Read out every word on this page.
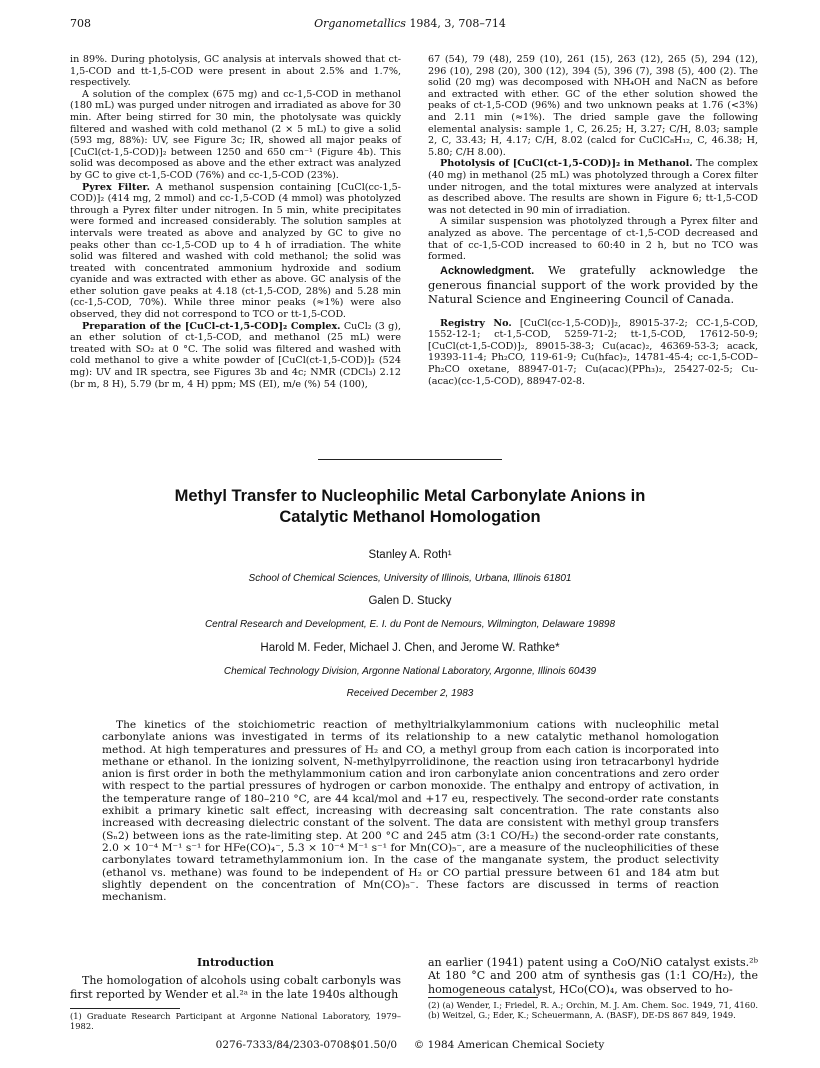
708	Organometallics 1984, 3, 708–714

in 89%. During photolysis, GC analysis at intervals showed that ct-1,5-COD and tt-1,5-COD were present in about 2.5% and 1.7%, respectively.

A solution of the complex (675 mg) and cc-1,5-COD in methanol (180 mL) was purged under nitrogen and irradiated as above for 30 min. After being stirred for 30 min, the photolysate was quickly filtered and washed with cold methanol (2 × 5 mL) to give a solid (593 mg, 88%): UV, see Figure 3c; IR, showed all major peaks of [CuCl(ct-1,5-COD)]₂ between 1250 and 650 cm⁻¹ (Figure 4b). This solid was decomposed as above and the ether extract was analyzed by GC to give ct-1,5-COD (76%) and cc-1,5-COD (23%).

Pyrex Filter. A methanol suspension containing [CuCl(cc-1,5-COD)]₂ (414 mg, 2 mmol) and cc-1,5-COD (4 mmol) was photolyzed through a Pyrex filter under nitrogen. In 5 min, white precipitates were formed and increased considerably. The solution samples at intervals were treated as above and analyzed by GC to give no peaks other than cc-1,5-COD up to 4 h of irradiation. The white solid was filtered and washed with cold methanol; the solid was treated with concentrated ammonium hydroxide and sodium cyanide and was extracted with ether as above. GC analysis of the ether solution gave peaks at 4.18 (ct-1,5-COD, 28%) and 5.28 min (cc-1,5-COD, 70%). While three minor peaks (≈1%) were also observed, they did not correspond to TCO or tt-1,5-COD.

Preparation of the [CuCl-ct-1,5-COD]₂ Complex. CuCl₂ (3 g), an ether solution of ct-1,5-COD, and methanol (25 mL) were treated with SO₂ at 0 °C. The solid was filtered and washed with cold methanol to give a white powder of [CuCl(ct-1,5-COD)]₂ (524 mg): UV and IR spectra, see Figures 3b and 4c; NMR (CDCl₃) 2.12 (br m, 8 H), 5.79 (br m, 4 H) ppm; MS (EI), m/e (%) 54 (100),

67 (54), 79 (48), 259 (10), 261 (15), 263 (12), 265 (5), 294 (12), 296 (10), 298 (20), 300 (12), 394 (5), 396 (7), 398 (5), 400 (2). The solid (20 mg) was decomposed with NH₄OH and NaCN as before and extracted with ether. GC of the ether solution showed the peaks of ct-1,5-COD (96%) and two unknown peaks at 1.76 (<3%) and 2.11 min (≈1%). The dried sample gave the following elemental analysis: sample 1, C, 26.25; H, 3.27; C/H, 8.03; sample 2, C, 33.43; H, 4.17; C/H, 8.02 (calcd for CuClC₈H₁₂, C, 46.38; H, 5.80; C/H 8.00).

Photolysis of [CuCl(ct-1,5-COD)]₂ in Methanol. The complex (40 mg) in methanol (25 mL) was photolyzed through a Corex filter under nitrogen, and the total mixtures were analyzed at intervals as described above. The results are shown in Figure 6; tt-1,5-COD was not detected in 90 min of irradiation.

A similar suspension was photolyzed through a Pyrex filter and analyzed as above. The percentage of ct-1,5-COD decreased and that of cc-1,5-COD increased to 60:40 in 2 h, but no TCO was formed.

Acknowledgment. We gratefully acknowledge the generous financial support of the work provided by the Natural Science and Engineering Council of Canada.

Registry No. [CuCl(cc-1,5-COD)]₂, 89015-37-2; CC-1,5-COD, 1552-12-1; ct-1,5-COD, 5259-71-2; tt-1,5-COD, 17612-50-9; [CuCl(ct-1,5-COD)]₂, 89015-38-3; Cu(acac)₂, 46369-53-3; acack, 19393-11-4; Ph₂CO, 119-61-9; Cu(hfac)₂, 14781-45-4; cc-1,5-COD–Ph₂CO oxetane, 88947-01-7; Cu(acac)(PPh₃)₂, 25427-02-5; Cu-(acac)(cc-1,5-COD), 88947-02-8.

Methyl Transfer to Nucleophilic Metal Carbonylate Anions in
Catalytic Methanol Homologation
Stanley A. Roth¹
School of Chemical Sciences, University of Illinois, Urbana, Illinois 61801
Galen D. Stucky
Central Research and Development, E. I. du Pont de Nemours, Wilmington, Delaware 19898
Harold M. Feder, Michael J. Chen, and Jerome W. Rathke*
Chemical Technology Division, Argonne National Laboratory, Argonne, Illinois 60439
Received December 2, 1983
The kinetics of the stoichiometric reaction of methyltrialkylammonium cations with nucleophilic metal carbonylate anions was investigated in terms of its relationship to a new catalytic methanol homologation method. At high temperatures and pressures of H₂ and CO, a methyl group from each cation is incorporated into methane or ethanol. In the ionizing solvent, N-methylpyrrolidinone, the reaction using iron tetracarbonyl hydride anion is first order in both the methylammonium cation and iron carbonylate anion concentrations and zero order with respect to the partial pressures of hydrogen or carbon monoxide. The enthalpy and entropy of activation, in the temperature range of 180–210 °C, are 44 kcal/mol and +17 eu, respectively. The second-order rate constants exhibit a primary kinetic salt effect, increasing with decreasing salt concentration. The rate constants also increased with decreasing dielectric constant of the solvent. The data are consistent with methyl group transfers (Sₙ2) between ions as the rate-limiting step. At 200 °C and 245 atm (3:1 CO/H₂) the second-order rate constants, 2.0 × 10⁻⁴ M⁻¹ s⁻¹ for HFe(CO)₄⁻, 5.3 × 10⁻⁴ M⁻¹ s⁻¹ for Mn(CO)₅⁻, are a measure of the nucleophilicities of these carbonylates toward tetramethylammonium ion. In the case of the manganate system, the product selectivity (ethanol vs. methane) was found to be independent of H₂ or CO partial pressure between 61 and 184 atm but slightly dependent on the concentration of Mn(CO)₅⁻. These factors are discussed in terms of reaction mechanism.
Introduction

The homologation of alcohols using cobalt carbonyls was first reported by Wender et al.²ᵃ in the late 1940s although

an earlier (1941) patent using a CoO/NiO catalyst exists.²ᵇ At 180 °C and 200 atm of synthesis gas (1:1 CO/H₂), the homogeneous catalyst, HCo(CO)₄, was observed to ho-

(1) Graduate Research Participant at Argonne National Laboratory, 1979–1982.
(2) (a) Wender, I.; Friedel, R. A.; Orchin, M. J. Am. Chem. Soc. 1949, 71, 4160. (b) Weitzel, G.; Eder, K.; Scheuermann, A. (BASF), DE-DS 867 849, 1949.
0276-7333/84/2303-0708$01.50/0 © 1984 American Chemical Society
